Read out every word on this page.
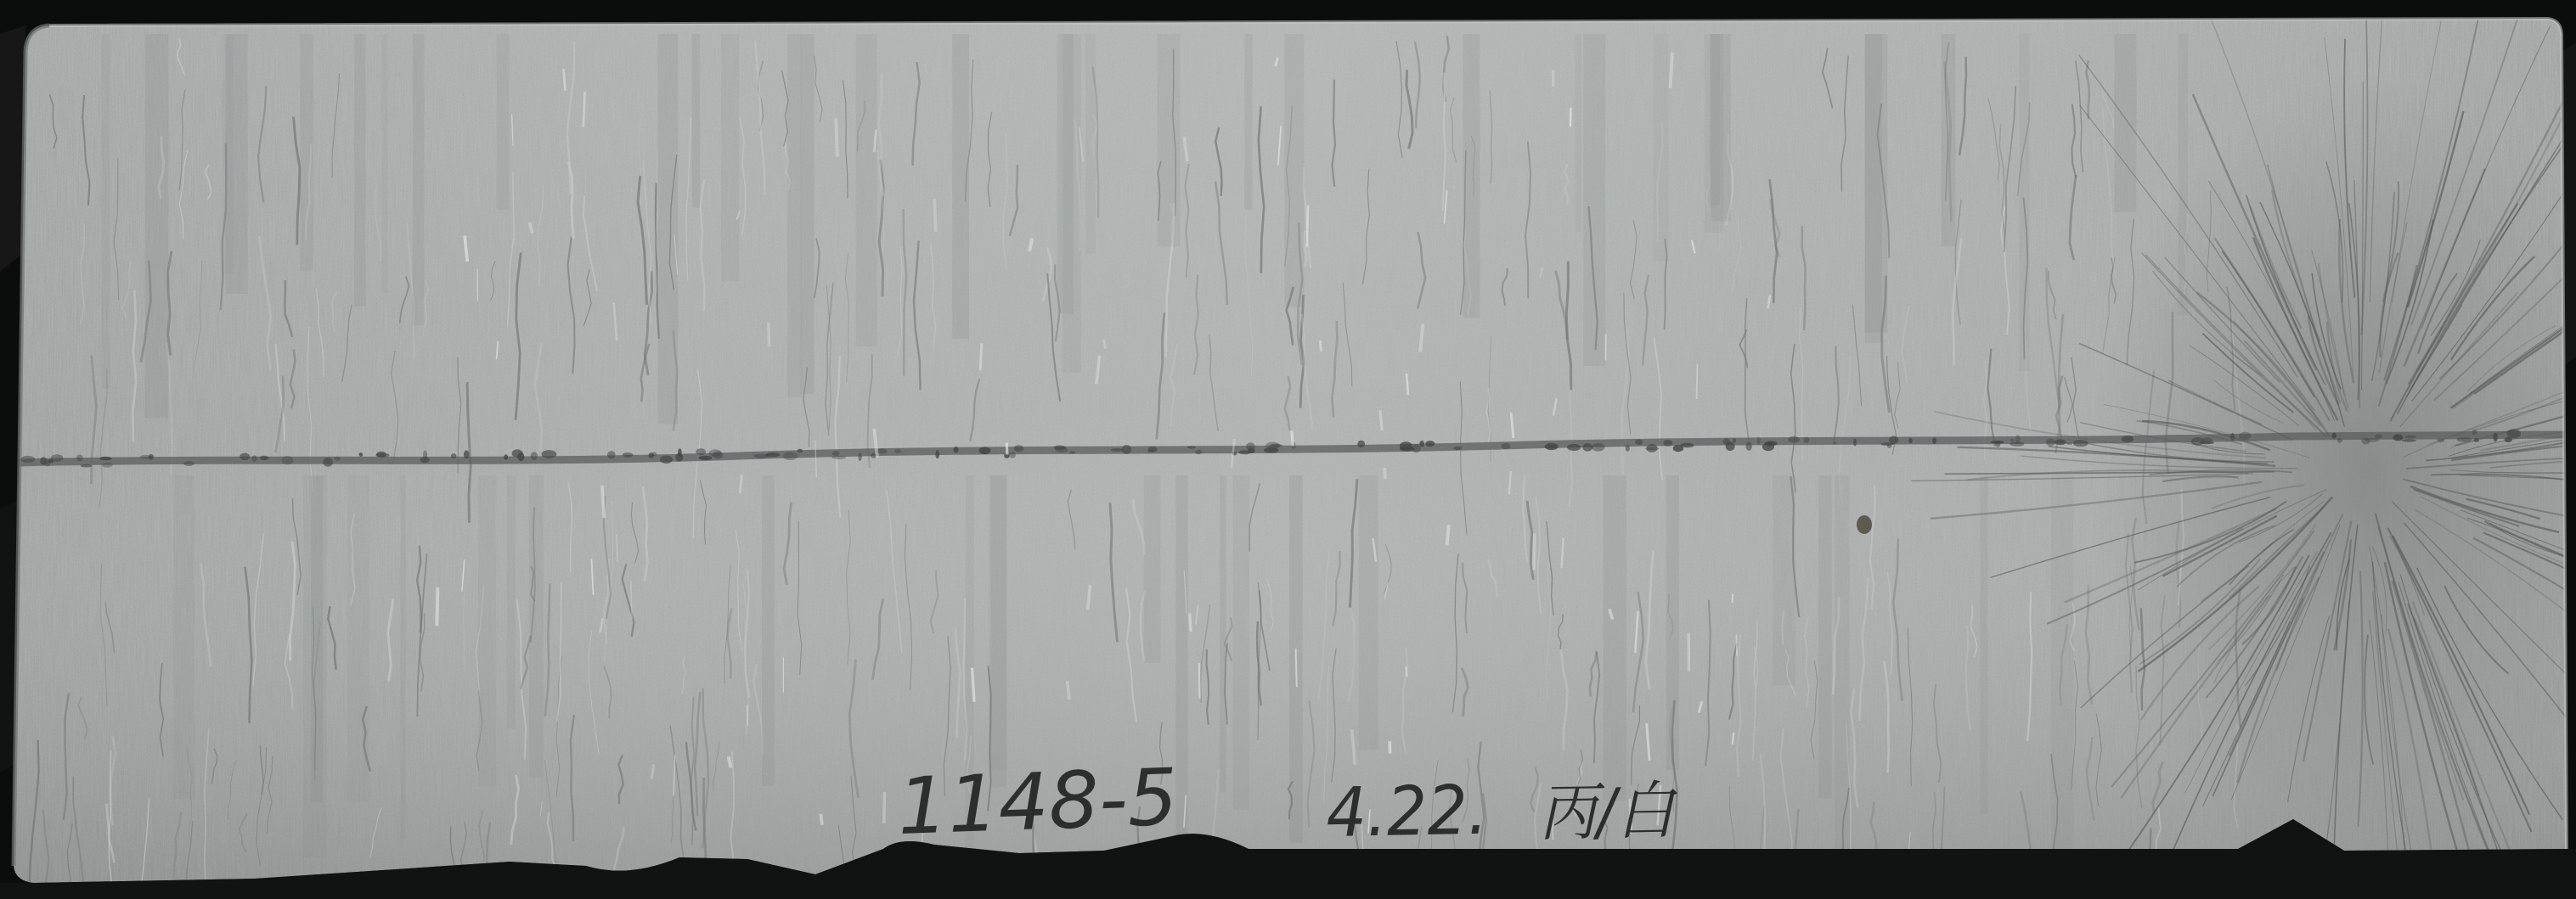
1148-5 4.22. 丙/白
